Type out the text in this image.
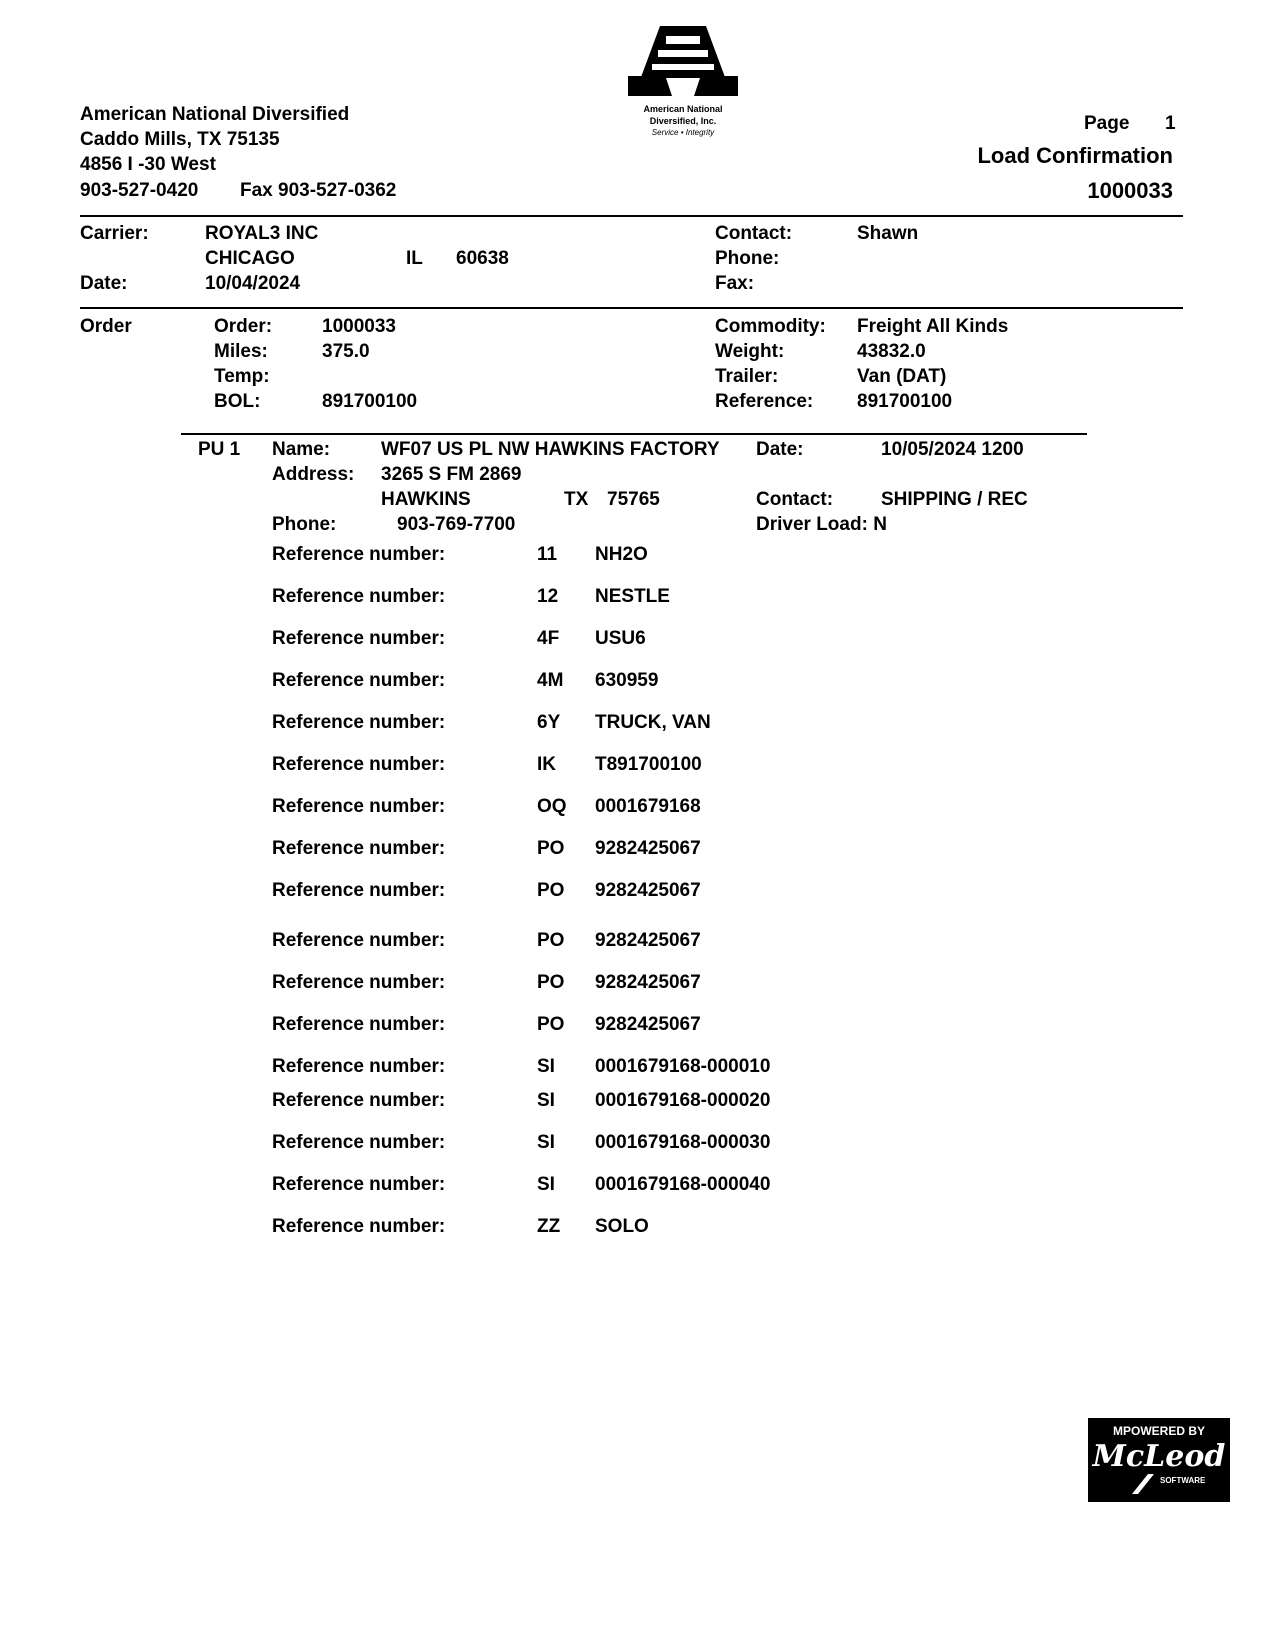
American National
Diversified, Inc.
Service • Integrity
American National Diversified
Caddo Mills, TX 75135
4856 I -30 West
903-527-0420 Fax 903-527-0362
Page 1
Load Confirmation
1000033
Carrier:	ROYAL3 INC
CHICAGO	IL 60638
Date:	10/04/2024
Contact:	Shawn
Phone:
Fax:
Order	Order:	1000033
Miles:	375.0
Temp:
BOL:	891700100
Commodity: Freight All Kinds
Weight:	43832.0
Trailer:	Van (DAT)
Reference: 891700100
PU 1 Name:	WF07 US PL NW HAWKINS FACTORY
Address: 3265 S FM 2869
HAWKINS	TX 75765
Phone:	903-769-7700
Date:	10/05/2024 1200
Contact:	SHIPPING / REC
Driver Load: N
Reference number:	11 NH2O
Reference number:	12 NESTLE
Reference number:	4F USU6
Reference number:	4M 630959
Reference number:	6Y TRUCK, VAN
Reference number:	IK T891700100
Reference number:	OQ 0001679168
Reference number:	PO 9282425067
Reference number:	PO 9282425067
Reference number:	PO 9282425067
Reference number:	PO 9282425067
Reference number:	PO 9282425067
Reference number:	SI 0001679168-000010
Reference number:	SI 0001679168-000020
Reference number:	SI 0001679168-000030
Reference number:	SI 0001679168-000040
Reference number:	ZZ SOLO
MPOWERED BY
McLeod
SOFTWARE
